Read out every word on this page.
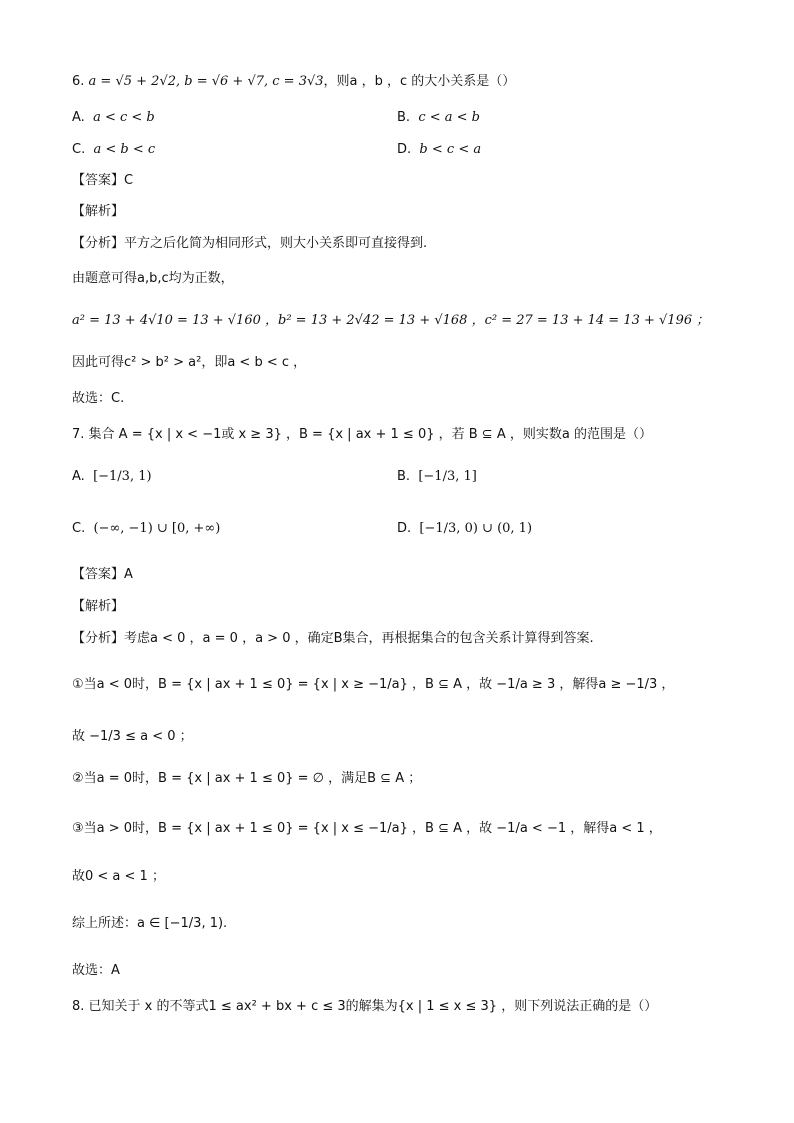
6. a = √5 + 2√2, b = √6 + √7, c = 3√3，则a ，b ，c 的大小关系是（）
A. a < c < b	B. c < a < b
C. a < b < c	D. b < c < a
【答案】C
【解析】
【分析】平方之后化简为相同形式，则大小关系即可直接得到.
由题意可得a,b,c均为正数，
a² = 13 + 4√10 = 13 + √160 ，b² = 13 + 2√42 = 13 + √168 ，c² = 27 = 13 + 14 = 13 + √196 ；
因此可得c² > b² > a²，即a < b < c ，
故选：C.
7. 集合 A = {x | x < −1或 x ≥ 3} ，B = {x | ax + 1 ≤ 0} ，若 B ⊆ A ，则实数a 的范围是（）
A. [−1/3, 1)	B. [−1/3, 1]
C. (−∞, −1) ∪ [0, +∞)	D. [−1/3, 0) ∪ (0, 1)
【答案】A
【解析】
【分析】考虑a < 0 ，a = 0 ，a > 0 ，确定B集合，再根据集合的包含关系计算得到答案.
①当a < 0时，B = {x | ax + 1 ≤ 0} = {x | x ≥ −1/a} ，B ⊆ A ，故 −1/a ≥ 3 ，解得a ≥ −1/3 ，
故 −1/3 ≤ a < 0 ；
②当a = 0时，B = {x | ax + 1 ≤ 0} = ∅ ，满足B ⊆ A ；
③当a > 0时，B = {x | ax + 1 ≤ 0} = {x | x ≤ −1/a} ，B ⊆ A ，故 −1/a < −1 ，解得a < 1 ，
故0 < a < 1 ；
综上所述：a ∈ [−1/3, 1).
故选：A
8. 已知关于 x 的不等式1 ≤ ax² + bx + c ≤ 3的解集为{x | 1 ≤ x ≤ 3} ，则下列说法正确的是（）
